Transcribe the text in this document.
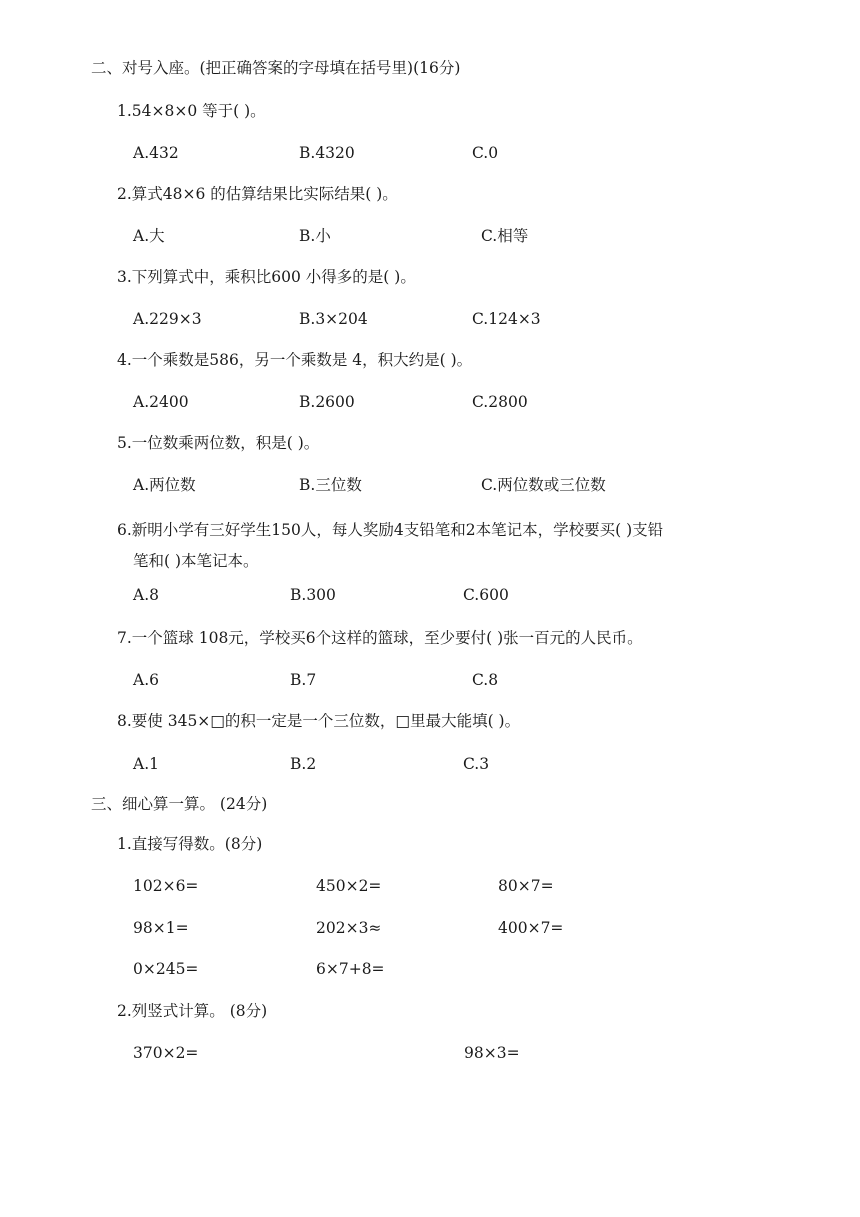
二、对号入座。(把正确答案的字母填在括号里)(16分)
1.54×8×0 等于( )。
A.432	B.4320	C.0
2.算式48×6 的估算结果比实际结果( )。
A.大	B.小	C.相等
3.下列算式中，乘积比600 小得多的是( )。
A.229×3	B.3×204	C.124×3
4.一个乘数是586，另一个乘数是 4，积大约是( )。
A.2400	B.2600	C.2800
5.一位数乘两位数，积是( )。
A.两位数	B.三位数	C.两位数或三位数
6.新明小学有三好学生150人，每人奖励4支铅笔和2本笔记本，学校要买( )支铅
笔和( )本笔记本。
A.8	B.300	C.600
7.一个篮球 108元，学校买6个这样的篮球，至少要付( )张一百元的人民币。
A.6	B.7	C.8
8.要使 345×□的积一定是一个三位数，□里最大能填( )。
A.1	B.2	C.3
三、细心算一算。 (24分)
1.直接写得数。(8分)
102×6=	450×2=	80×7=
98×1=	202×3≈	400×7=
0×245=	6×7+8=
2.列竖式计算。 (8分)
370×2=	98×3=
